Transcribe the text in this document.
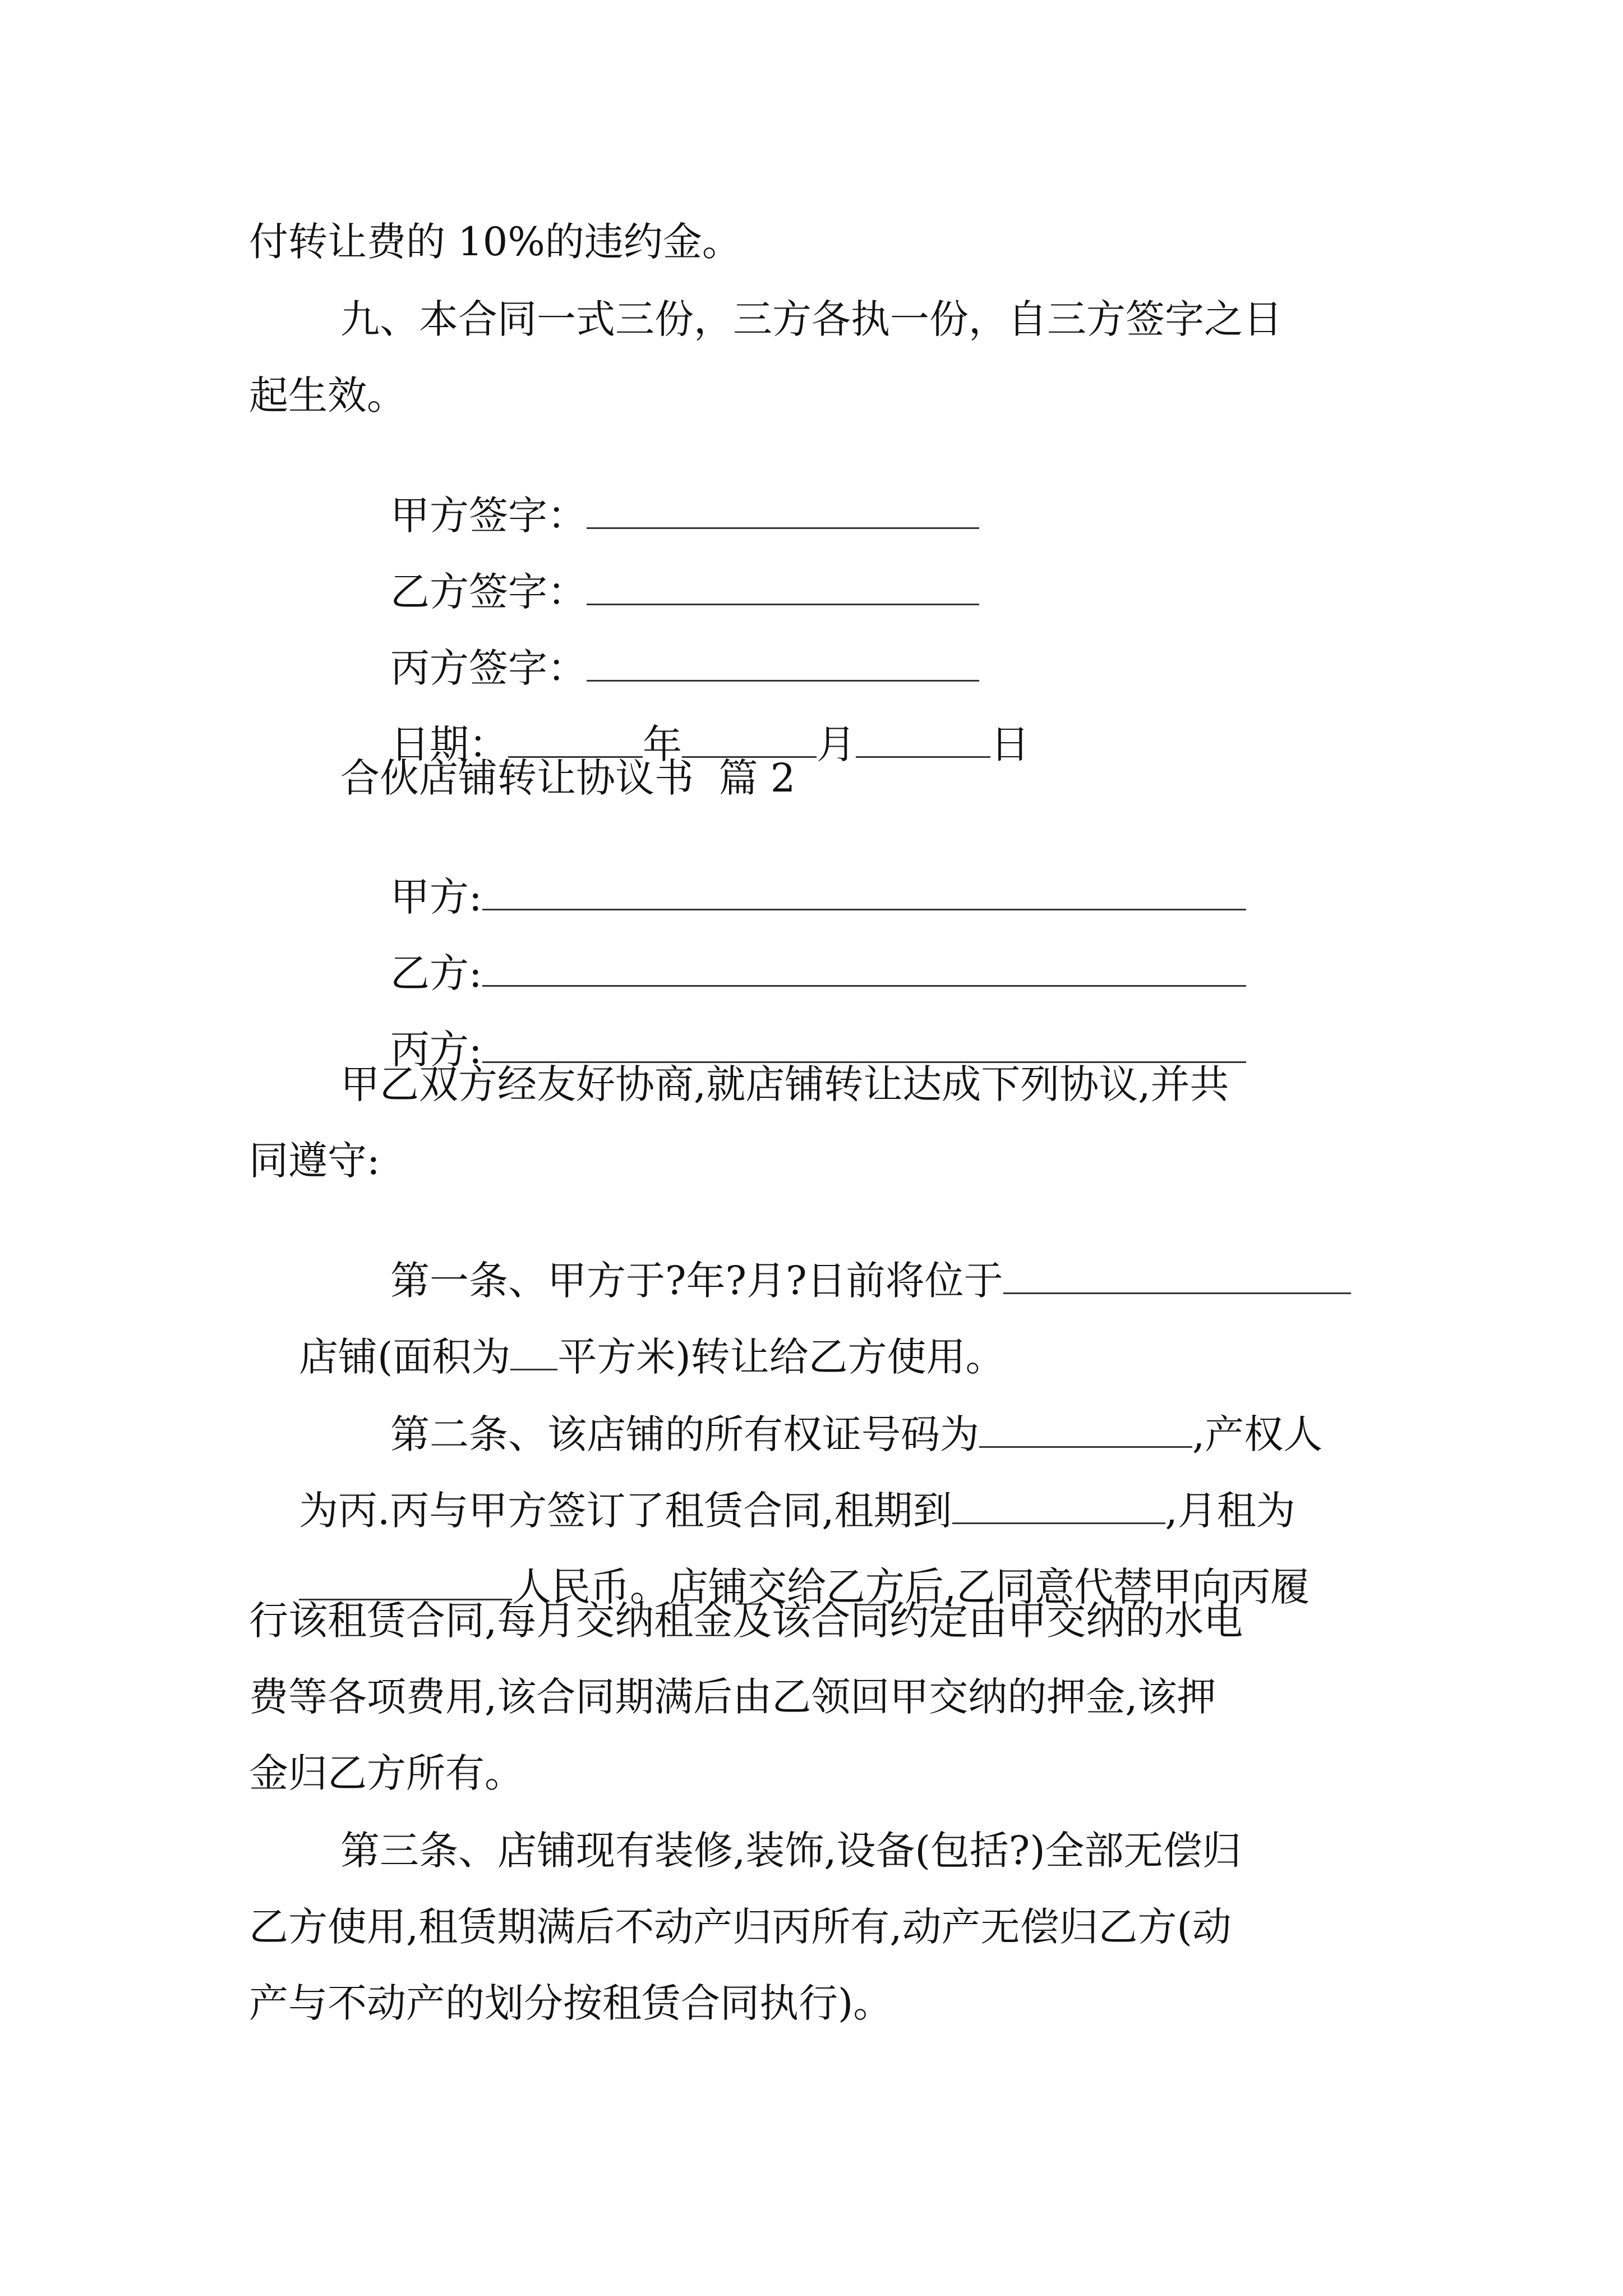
付转让费的 10%的违约金。
九、本合同一式三份，三方各执一份，自三方签字之日
起生效。

甲方签字：

乙方签字：

丙方签字：

日期：	年	月	日

合伙店铺转让协议书  篇 2

甲方:

乙方:

丙方:

甲乙双方经友好协商,就店铺转让达成下列协议,并共
同遵守:

第一条、甲方于?年?月?日前将位于

店铺(面积为 平方米)转让给乙方使用。

第二条、该店铺的所有权证号码为	,产权人

为丙.丙与甲方签订了租赁合同,租期到	,月租为

人民币。店铺交给乙方后,乙同意代替甲向丙履

行该租赁合同,每月交纳租金及该合同约定由甲交纳的水电
费等各项费用,该合同期满后由乙领回甲交纳的押金,该押
金归乙方所有。
第三条、店铺现有装修,装饰,设备(包括?)全部无偿归
乙方使用,租赁期满后不动产归丙所有,动产无偿归乙方(动
产与不动产的划分按租赁合同执行)。
